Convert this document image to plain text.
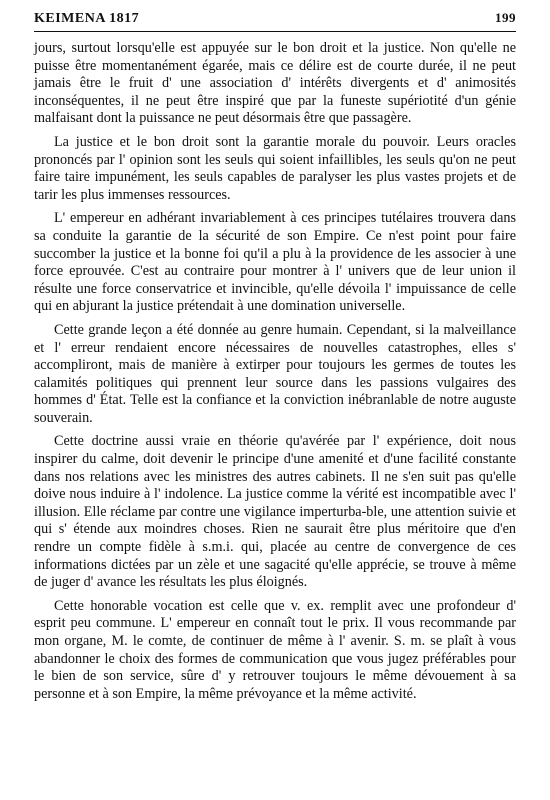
KEIMENA 1817	199

jours, surtout lorsqu'elle est appuyée sur le bon droit et la justice. Non qu'elle ne puisse être momentanément égarée, mais ce délire est de courte durée, il ne peut jamais être le fruit d' une association d' intérêts divergents et d' animosités inconséquentes, il ne peut être inspiré que par la funeste supériotité d'un génie malfaisant dont la puissance ne peut désormais être que passagère.

La justice et le bon droit sont la garantie morale du pouvoir. Leurs oracles prononcés par l' opinion sont les seuls qui soient infaillibles, les seuls qu'on ne peut faire taire impunément, les seuls capables de paralyser les plus vastes projets et de tarir les plus immenses ressources.

L' empereur en adhérant invariablement à ces principes tutélaires trouvera dans sa conduite la garantie de la sécurité de son Empire. Ce n'est point pour faire succomber la justice et la bonne foi qu'il a plu à la providence de les associer à une force eprouvée. C'est au contraire pour montrer à l' univers que de leur union il résulte une force conservatrice et invincible, qu'elle dévoila l' impuissance de celle qui en abjurant la justice prétendait à une domination universelle.

Cette grande leçon a été donnée au genre humain. Cependant, si la malveillance et l' erreur rendaient encore nécessaires de nouvelles catastrophes, elles s' accompliront, mais de manière à extirper pour toujours les germes de toutes les calamités politiques qui prennent leur source dans les passions vulgaires des hommes d' État. Telle est la confiance et la conviction inébranlable de notre auguste souverain.

Cette doctrine aussi vraie en théorie qu'avérée par l' expérience, doit nous inspirer du calme, doit devenir le principe d'une amenité et d'une facilité constante dans nos relations avec les ministres des autres cabinets. Il ne s'en suit pas qu'elle doive nous induire à l' indolence. La justice comme la vérité est incompatible avec l' illusion. Elle réclame par contre une vigilance imperturba-ble, une attention suivie et qui s' étende aux moindres choses. Rien ne saurait être plus méritoire que d'en rendre un compte fidèle à s.m.i. qui, placée au centre de convergence de ces informations dictées par un zèle et une sagacité qu'elle apprécie, se trouve à même de juger d' avance les résultats les plus éloignés.

Cette honorable vocation est celle que v. ex. remplit avec une profondeur d' esprit peu commune. L' empereur en connaît tout le prix. Il vous recommande par mon organe, M. le comte, de continuer de même à l' avenir. S. m. se plaît à vous abandonner le choix des formes de communication que vous jugez préférables pour le bien de son service, sûre d' y retrouver toujours le même dévouement à sa personne et à son Empire, la même prévoyance et la même activité.
